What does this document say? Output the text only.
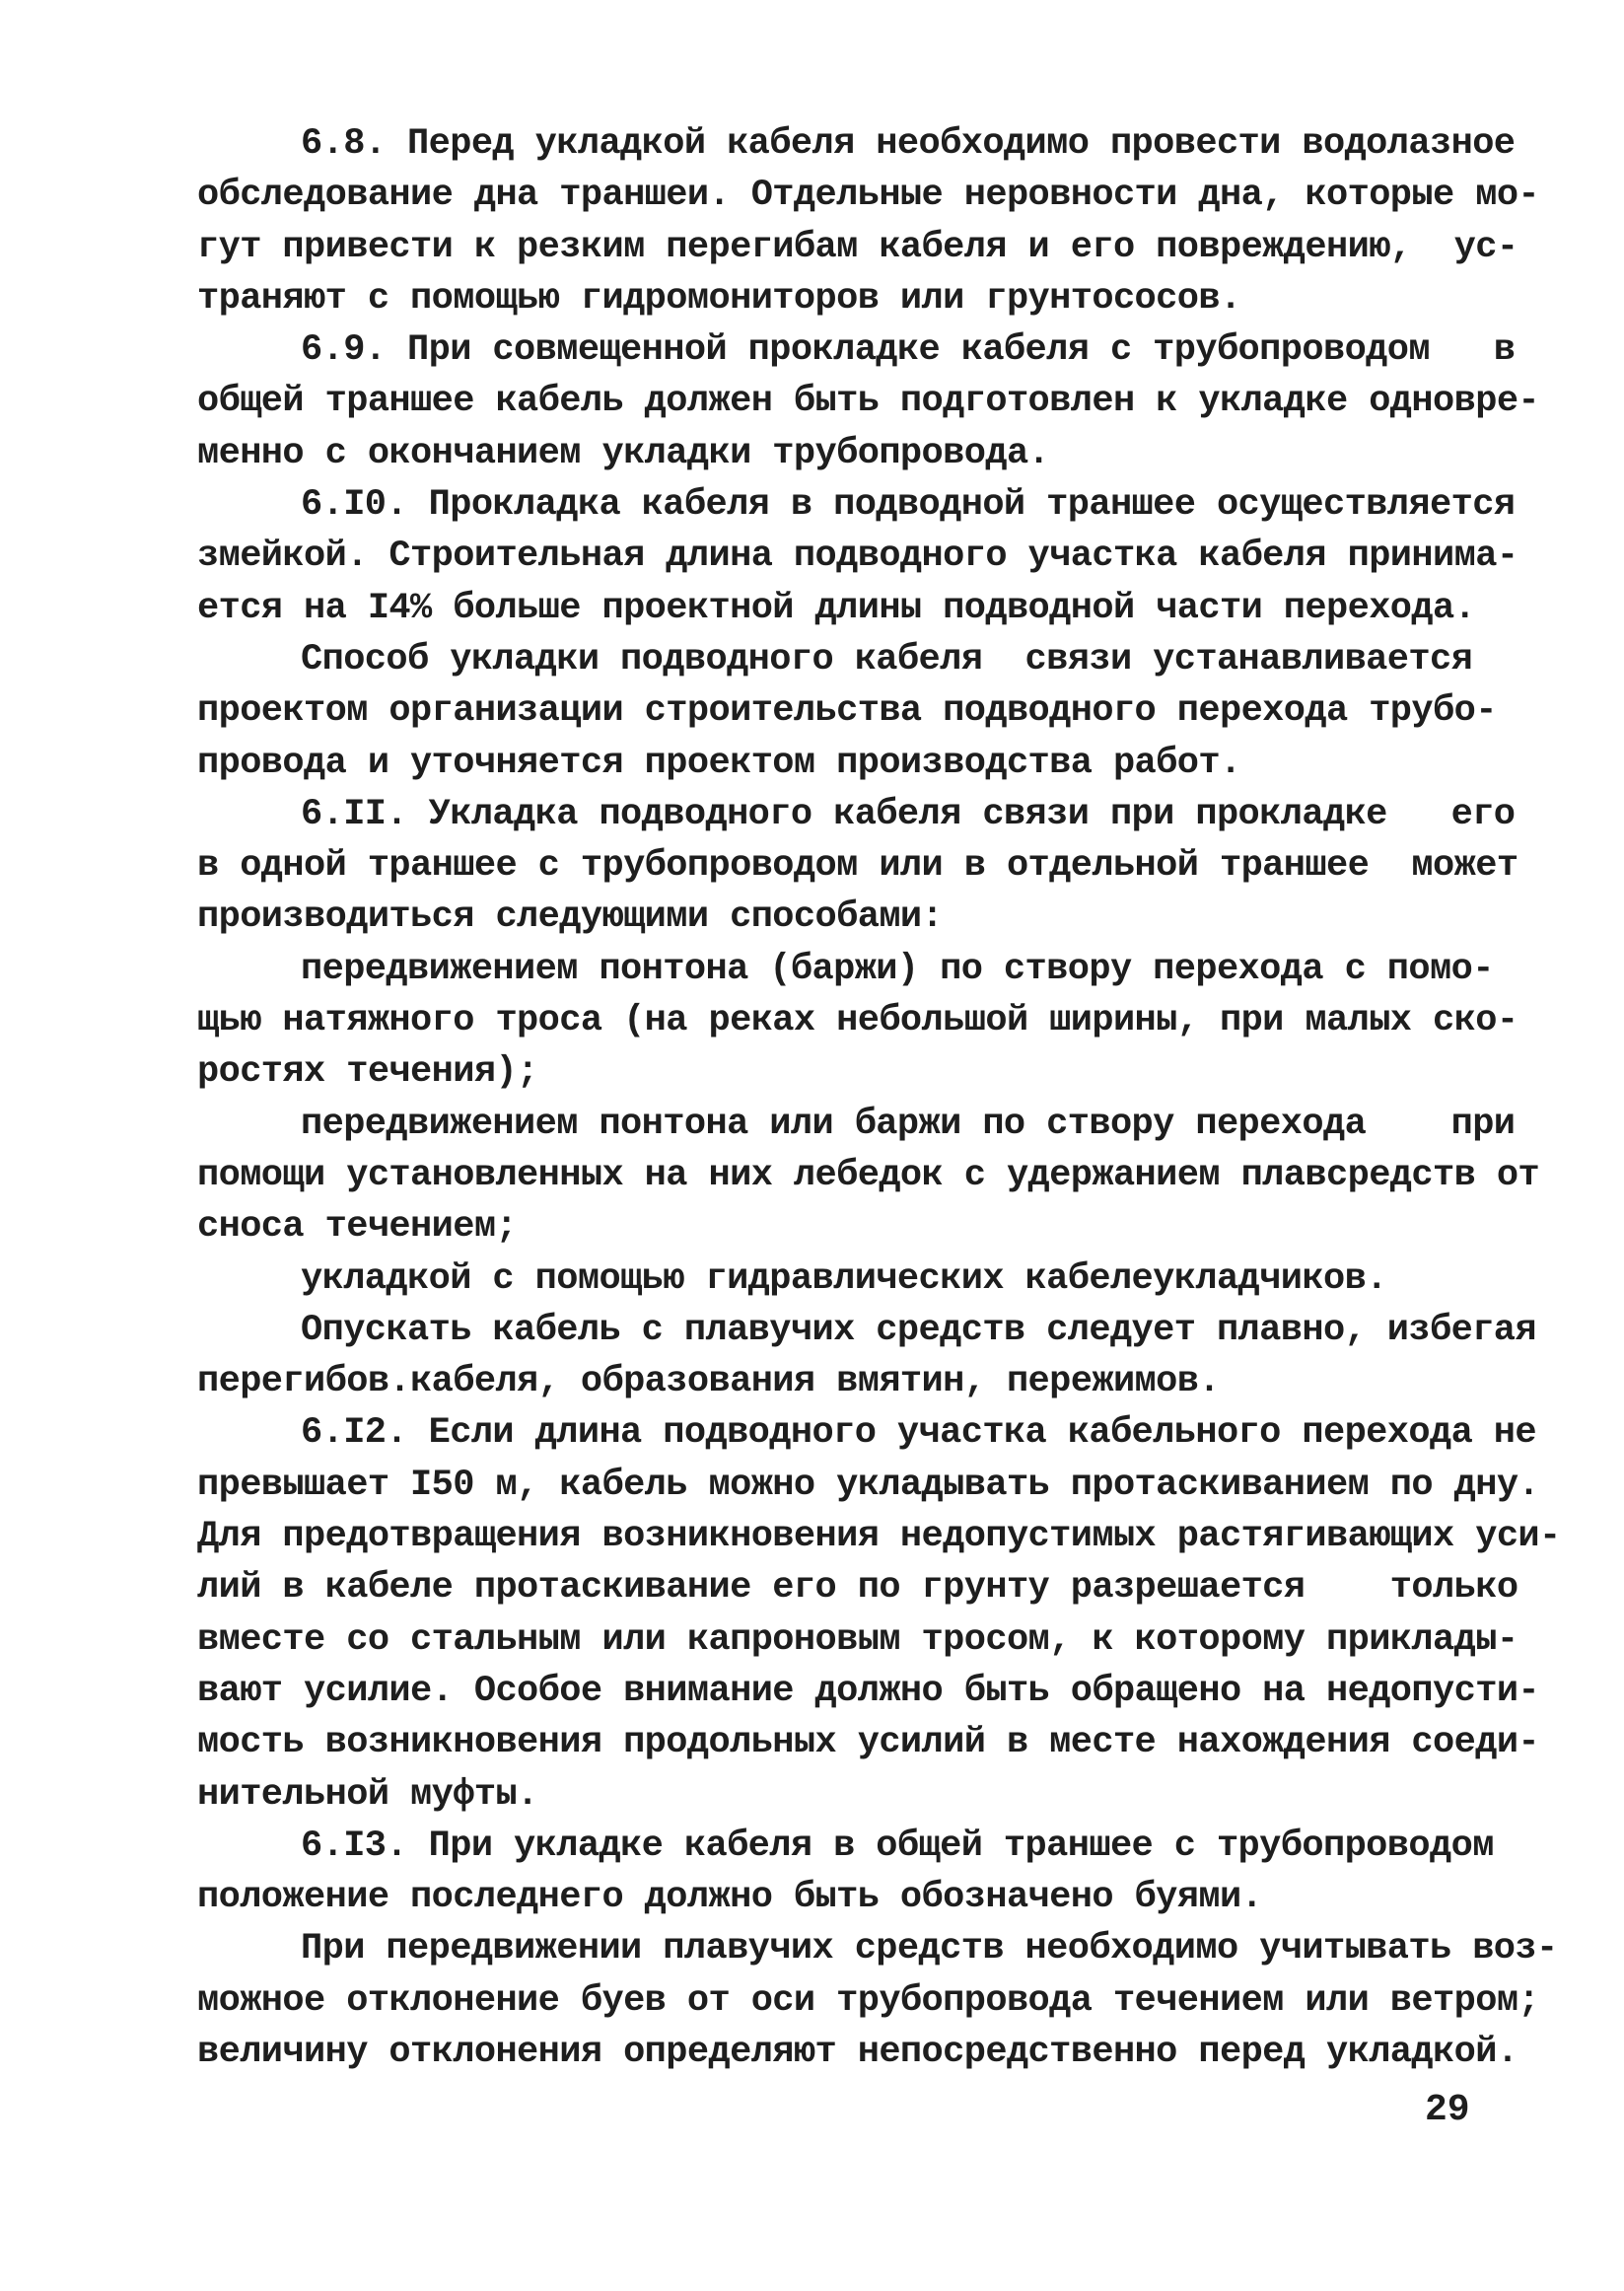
6.8. Перед укладкой кабеля необходимо провести водолазное
обследование дна траншеи. Отдельные неровности дна, которые мо-
гут привести к резким перегибам кабеля и его повреждению,  ус-
траняют с помощью гидромониторов или грунтососов.
6.9. При совмещенной прокладке кабеля с трубопроводом   в
общей траншее кабель должен быть подготовлен к укладке одновре-
менно с окончанием укладки трубопровода.
6.I0. Прокладка кабеля в подводной траншее осуществляется
змейкой. Строительная длина подводного участка кабеля принима-
ется на I4% больше проектной длины подводной части перехода.
Способ укладки подводного кабеля  связи устанавливается
проектом организации строительства подводного перехода трубо-
провода и уточняется проектом производства работ.
6.II. Укладка подводного кабеля связи при прокладке   его
в одной траншее с трубопроводом или в отдельной траншее  может
производиться следующими способами:
передвижением понтона (баржи) по створу перехода с помо-
щью натяжного троса (на реках небольшой ширины, при малых ско-
ростях течения);
передвижением понтона или баржи по створу перехода    при
помощи установленных на них лебедок с удержанием плавсредств от
сноса течением;
укладкой с помощью гидравлических кабелеукладчиков.
Опускать кабель с плавучих средств следует плавно, избегая
перегибов.кабеля, образования вмятин, пережимов.
6.I2. Если длина подводного участка кабельного перехода не
превышает I50 м, кабель можно укладывать протаскиванием по дну.
Для предотвращения возникновения недопустимых растягивающих уси-
лий в кабеле протаскивание его по грунту разрешается    только
вместе со стальным или капроновым тросом, к которому приклады-
вают усилие. Особое внимание должно быть обращено на недопусти-
мость возникновения продольных усилий в месте нахождения соеди-
нительной муфты.
6.I3. При укладке кабеля в общей траншее с трубопроводом
положение последнего должно быть обозначено буями.
При передвижении плавучих средств необходимо учитывать воз-
можное отклонение буев от оси трубопровода течением или ветром;
величину отклонения определяют непосредственно перед укладкой.
29
